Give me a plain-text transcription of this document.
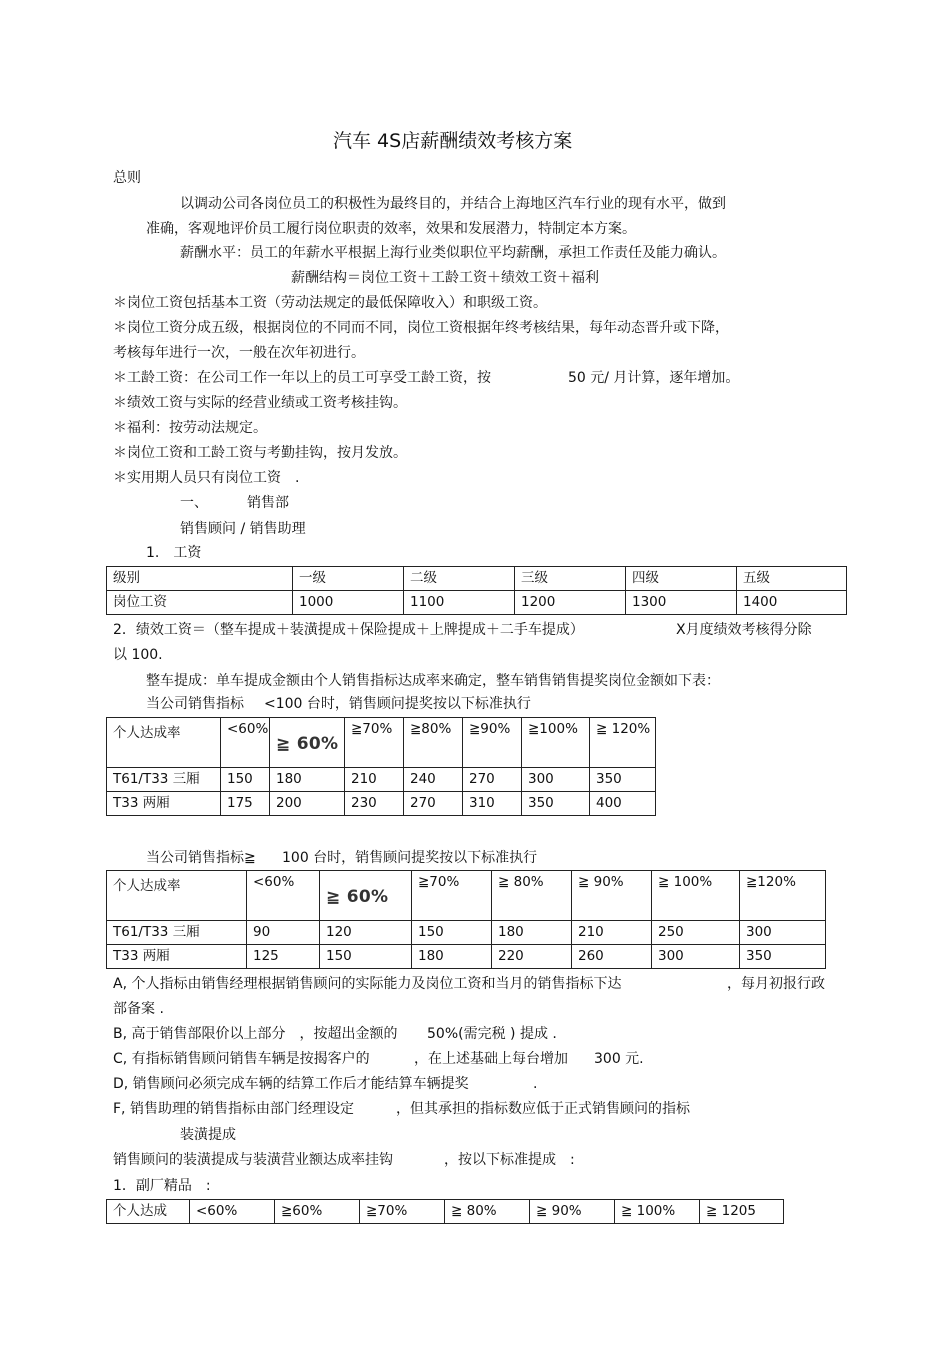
汽车 4S店薪酬绩效考核方案
总则
以调动公司各岗位员工的积极性为最终目的，并结合上海地区汽车行业的现有水平，做到
准确，客观地评价员工履行岗位职责的效率，效果和发展潜力，特制定本方案。
薪酬水平：员工的年薪水平根据上海行业类似职位平均薪酬，承担工作责任及能力确认。
薪酬结构＝岗位工资＋工龄工资＋绩效工资＋福利
＊岗位工资包括基本工资（劳动法规定的最低保障收入）和职级工资。
＊岗位工资分成五级，根据岗位的不同而不同，岗位工资根据年终考核结果，每年动态晋升或下降，
考核每年进行一次，一般在次年初进行。
＊工龄工资：在公司工作一年以上的员工可享受工龄工资，按	50 元/ 月计算，逐年增加。
＊绩效工资与实际的经营业绩或工资考核挂钩。
＊福利：按劳动法规定。
＊岗位工资和工龄工资与考勤挂钩，按月发放。
＊实用期人员只有岗位工资　.
一、	销售部
销售顾问 / 销售助理
1.　工资
级别	一级	二级	三级	四级	五级
岗位工资	1000	1100	1200	1300	1400
2．绩效工资＝（整车提成＋装潢提成＋保险提成＋上牌提成＋二手车提成）	X月度绩效考核得分除
以 100.
整车提成：单车提成金额由个人销售指标达成率来确定，整车销售销售提奖岗位金额如下表：
当公司销售指标 <100 台时，销售顾问提奖按以下标准执行
个人达成率	<60%	≧ 60%	≧70%	≧80%	≧90%	≧100%	≧ 120%
T61/T33 三厢	150	180	210	240	270	300	350
T33 两厢	175	200	230	270	310	350	400
当公司销售指标≧ 100 台时，销售顾问提奖按以下标准执行
个人达成率	<60%	≧ 60%	≧70%	≧ 80%	≧ 90%	≧ 100%	≧120%
T61/T33 三厢	90	120	150	180	210	250	300
T33 两厢	125	150	180	220	260	300	350
A, 个人指标由销售经理根据销售顾问的实际能力及岗位工资和当月的销售指标下达	，每月初报行政
部备案 .
B, 高于销售部限价以上部分　，按超出金额的 50%(需完税 ) 提成 .
C, 有指标销售顾问销售车辆是按揭客户的	，在上述基础上每台增加 300 元.
D, 销售顾问必须完成车辆的结算工作后才能结算车辆提奖	.
F, 销售助理的销售指标由部门经理设定	，但其承担的指标数应低于正式销售顾问的指标
装潢提成
销售顾问的装潢提成与装潢营业额达成率挂钩	，按以下标准提成　:
1．副厂精品　:
个人达成	<60%	≧60%	≧70%	≧ 80%	≧ 90%	≧ 100%	≧ 1205
